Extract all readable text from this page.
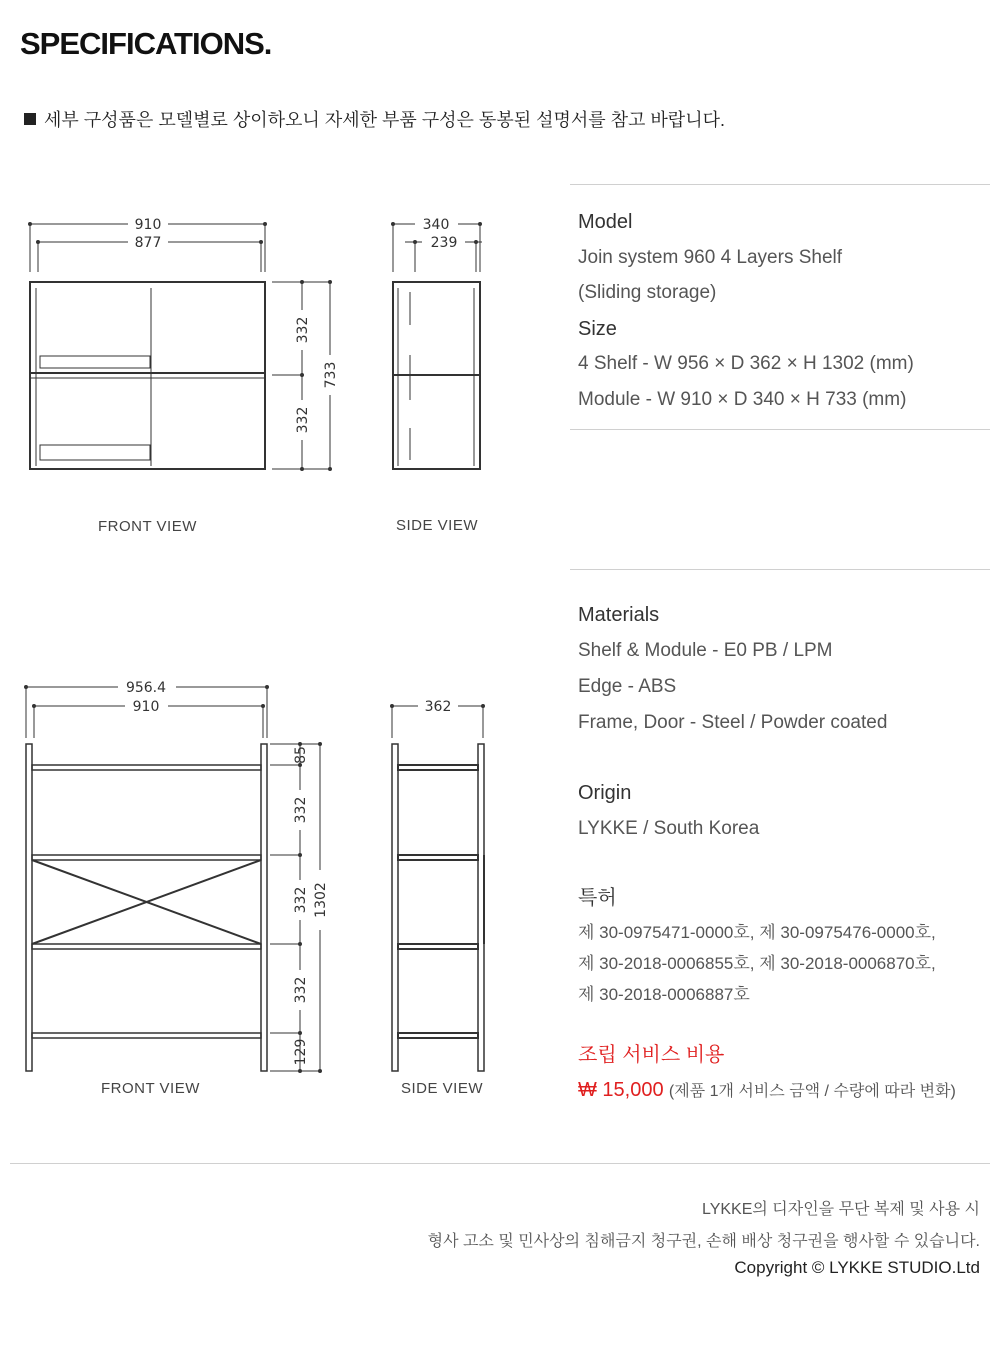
SPECIFICATIONS.
세부 구성품은 모델별로 상이하오니 자세한 부품 구성은 동봉된 설명서를 참고 바랍니다.
910
877
332
332
733
340
239
FRONT VIEW	SIDE VIEW
956.4
910
85
332
332
332
129
1302
362
FRONT VIEW	SIDE VIEW
Model
Join system 960 4 Layers Shelf
(Sliding storage)
Size
4 Shelf - W 956 × D 362 × H 1302 (mm)
Module - W 910 × D 340 × H 733 (mm)
Materials
Shelf & Module - E0 PB / LPM
Edge - ABS
Frame, Door - Steel / Powder coated
Origin
LYKKE / South Korea
특허
제 30-0975471-0000호, 제 30-0975476-0000호,
제 30-2018-0006855호, 제 30-2018-0006870호,
제 30-2018-0006887호
조립 서비스 비용
₩ 15,000 (제품 1개 서비스 금액 / 수량에 따라 변화)
LYKKE의 디자인을 무단 복제 및 사용 시
형사 고소 및 민사상의 침해금지 청구권, 손해 배상 청구권을 행사할 수 있습니다.
Copyright © LYKKE STUDIO.Ltd
